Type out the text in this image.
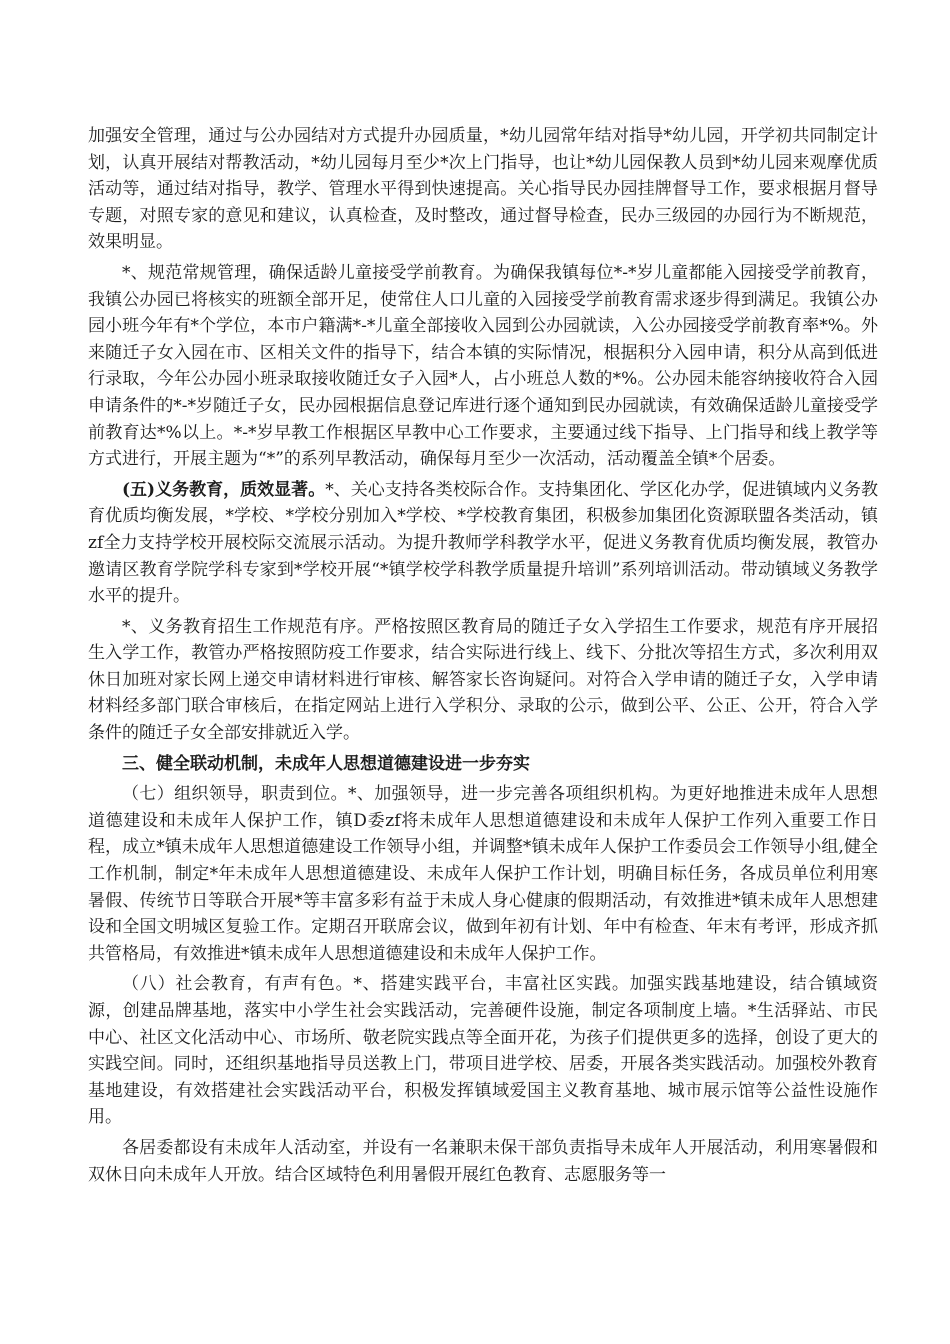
加强安全管理，通过与公办园结对方式提升办园质量，*幼儿园常年结对指导*幼儿园，开学初共同制定计划，认真开展结对帮教活动，*幼儿园每月至少*次上门指导，也让*幼儿园保教人员到*幼儿园来观摩优质活动等，通过结对指导，教学、管理水平得到快速提高。关心指导民办园挂牌督导工作，要求根据月督导专题，对照专家的意见和建议，认真检查，及时整改，通过督导检查，民办三级园的办园行为不断规范，效果明显。

*、规范常规管理，确保适龄儿童接受学前教育。为确保我镇每位*-*岁儿童都能入园接受学前教育，我镇公办园已将核实的班额全部开足，使常住人口儿童的入园接受学前教育需求逐步得到满足。我镇公办园小班今年有*个学位，本市户籍满*-*儿童全部接收入园到公办园就读，入公办园接受学前教育率*%。外来随迁子女入园在市、区相关文件的指导下，结合本镇的实际情况，根据积分入园申请，积分从高到低进行录取，今年公办园小班录取接收随迁女子入园*人，占小班总人数的*%。公办园未能容纳接收符合入园申请条件的*-*岁随迁子女，民办园根据信息登记库进行逐个通知到民办园就读，有效确保适龄儿童接受学前教育达*%以上。*-*岁早教工作根据区早教中心工作要求，主要通过线下指导、上门指导和线上教学等方式进行，开展主题为“*”的系列早教活动，确保每月至少一次活动，活动覆盖全镇*个居委。

(五)义务教育，质效显著。*、关心支持各类校际合作。支持集团化、学区化办学，促进镇域内义务教育优质均衡发展，*学校、*学校分别加入*学校、*学校教育集团，积极参加集团化资源联盟各类活动，镇zf全力支持学校开展校际交流展示活动。为提升教师学科教学水平，促进义务教育优质均衡发展，教管办邀请区教育学院学科专家到*学校开展“*镇学校学科教学质量提升培训”系列培训活动。带动镇域义务教学水平的提升。

*、义务教育招生工作规范有序。严格按照区教育局的随迁子女入学招生工作要求，规范有序开展招生入学工作，教管办严格按照防疫工作要求，结合实际进行线上、线下、分批次等招生方式，多次利用双休日加班对家长网上递交申请材料进行审核、解答家长咨询疑问。对符合入学申请的随迁子女，入学申请材料经多部门联合审核后，在指定网站上进行入学积分、录取的公示，做到公平、公正、公开，符合入学条件的随迁子女全部安排就近入学。

三、健全联动机制，未成年人思想道德建设进一步夯实

（七）组织领导，职责到位。*、加强领导，进一步完善各项组织机构。为更好地推进未成年人思想道德建设和未成年人保护工作，镇D委zf将未成年人思想道德建设和未成年人保护工作列入重要工作日程，成立*镇未成年人思想道德建设工作领导小组，并调整*镇未成年人保护工作委员会工作领导小组,健全工作机制，制定*年未成年人思想道德建设、未成年人保护工作计划，明确目标任务，各成员单位利用寒暑假、传统节日等联合开展*等丰富多彩有益于未成人身心健康的假期活动，有效推进*镇未成年人思想建设和全国文明城区复验工作。定期召开联席会议，做到年初有计划、年中有检查、年末有考评，形成齐抓共管格局，有效推进*镇未成年人思想道德建设和未成年人保护工作。

（八）社会教育，有声有色。*、搭建实践平台，丰富社区实践。加强实践基地建设，结合镇域资源，创建品牌基地，落实中小学生社会实践活动，完善硬件设施，制定各项制度上墙。*生活驿站、市民中心、社区文化活动中心、市场所、敬老院实践点等全面开花，为孩子们提供更多的选择，创设了更大的实践空间。同时，还组织基地指导员送教上门，带项目进学校、居委，开展各类实践活动。加强校外教育基地建设，有效搭建社会实践活动平台，积极发挥镇域爱国主义教育基地、城市展示馆等公益性设施作用。

各居委都设有未成年人活动室，并设有一名兼职未保干部负责指导未成年人开展活动，利用寒暑假和双休日向未成年人开放。结合区域特色利用暑假开展红色教育、志愿服务等一
